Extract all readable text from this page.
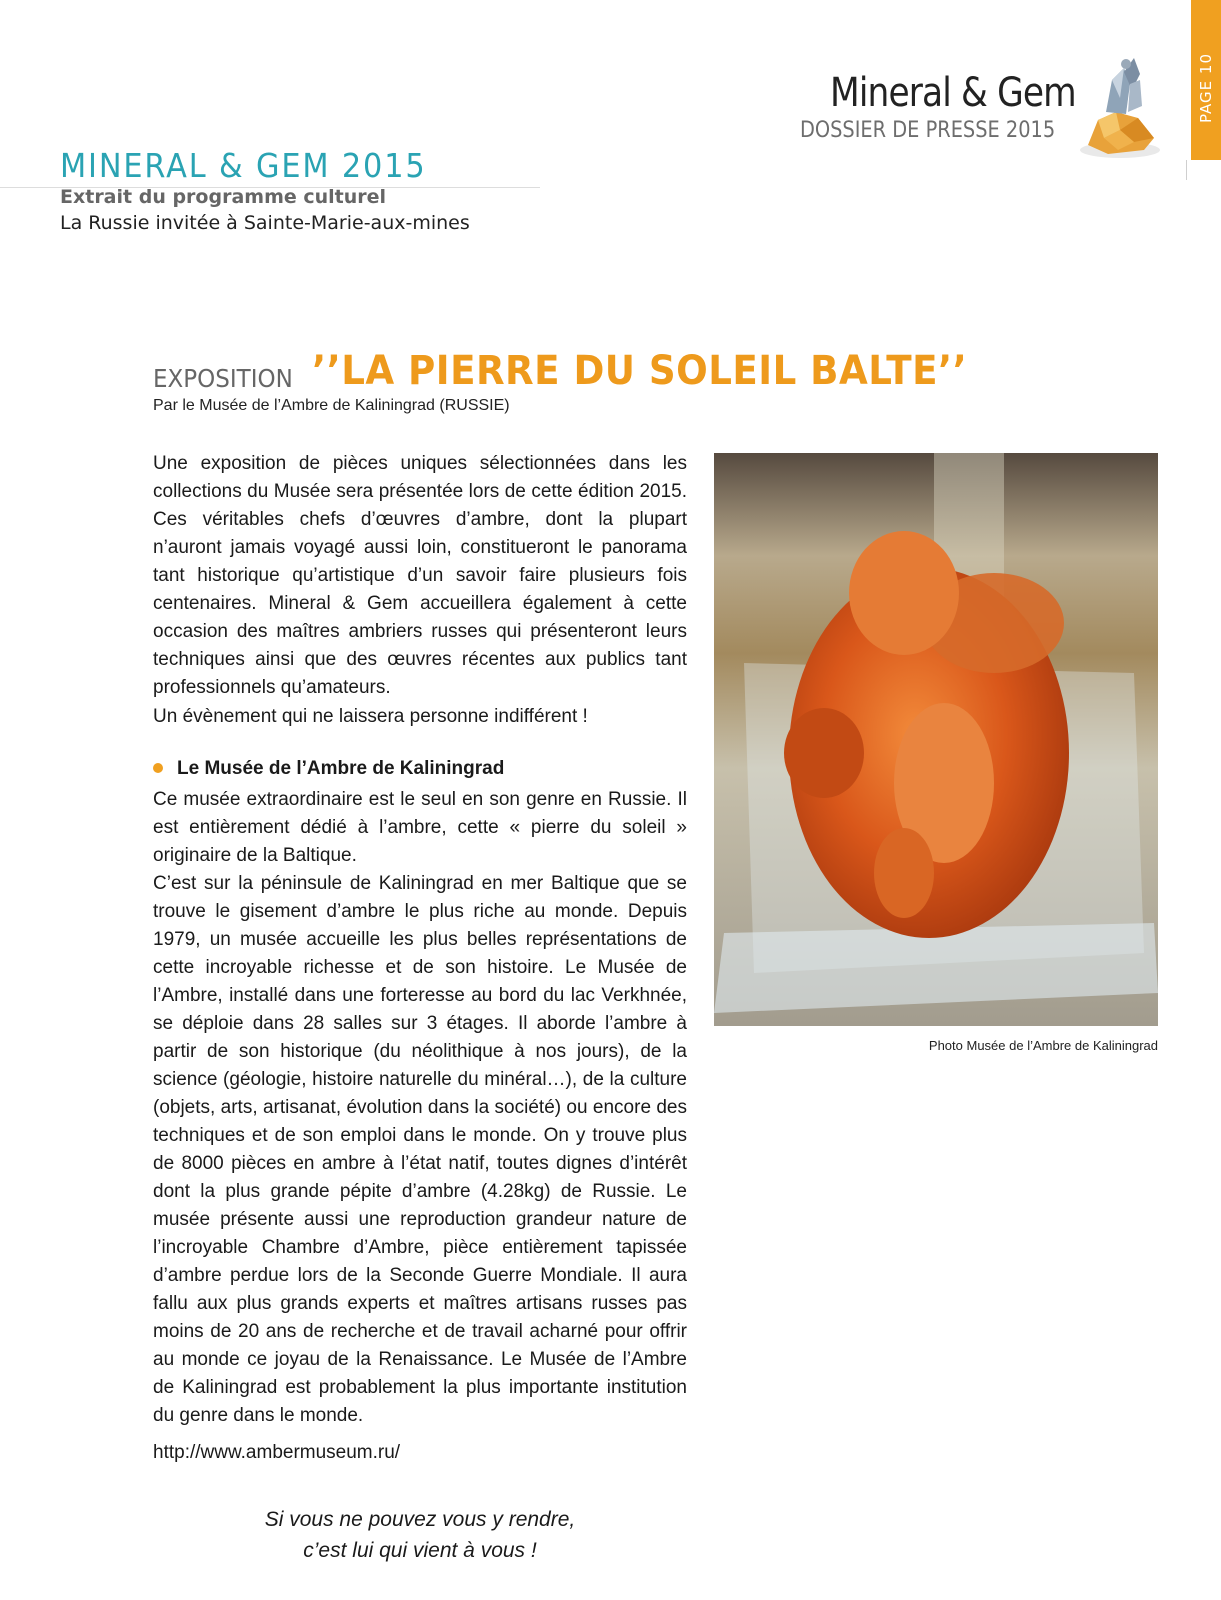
PAGE 10
Mineral & Gem
DOSSIER DE PRESSE 2015
MINERAL & GEM 2015
Extrait du programme culturel
La Russie invitée à Sainte-Marie-aux-mines
EXPOSITION ’’LA PIERRE DU SOLEIL BALTE’’
Par le Musée de l’Ambre de Kaliningrad (RUSSIE)
Une exposition de pièces uniques sélectionnées dans les collections du Musée sera présentée lors de cette édition 2015. Ces véritables chefs d’œuvres d’ambre, dont la plupart n’auront jamais voyagé aussi loin, constitueront le panorama tant historique qu’artistique d’un savoir faire plusieurs fois centenaires. Mineral & Gem accueillera également à cette occasion des maîtres ambriers russes qui présenteront leurs techniques ainsi que des œuvres récentes aux publics tant professionnels qu’amateurs.
Un évènement qui ne laissera personne indifférent !
Le Musée de l’Ambre de Kaliningrad
Ce musée extraordinaire est le seul en son genre en Russie. Il est entièrement dédié à l’ambre, cette « pierre du soleil » originaire de la Baltique.
C’est sur la péninsule de Kaliningrad en mer Baltique que se trouve le gisement d’ambre le plus riche au monde. Depuis 1979, un musée accueille les plus belles représentations de cette incroyable richesse et de son histoire. Le Musée de l’Ambre, installé dans une forteresse au bord du lac Verkhnée, se déploie dans 28 salles sur 3 étages. Il aborde l’ambre à partir de son historique (du néolithique à nos jours), de la science (géologie, histoire naturelle du minéral…), de la culture (objets, arts, artisanat, évolution dans la société) ou encore des techniques et de son emploi dans le monde. On y trouve plus de 8000 pièces en ambre à l’état natif, toutes dignes d’intérêt dont la plus grande pépite d’ambre (4.28kg) de Russie. Le musée présente aussi une reproduction grandeur nature de l’incroyable Chambre d’Ambre, pièce entièrement tapissée d’ambre perdue lors de la Seconde Guerre Mondiale. Il aura fallu aux plus grands experts et maîtres artisans russes pas moins de 20 ans de recherche et de travail acharné pour offrir au monde ce joyau de la Renaissance. Le Musée de l’Ambre de Kaliningrad est probablement la plus importante institution du genre dans le monde.
http://www.ambermuseum.ru/
Photo Musée de l’Ambre de Kaliningrad
Si vous ne pouvez vous y rendre,
c’est lui qui vient à vous !
